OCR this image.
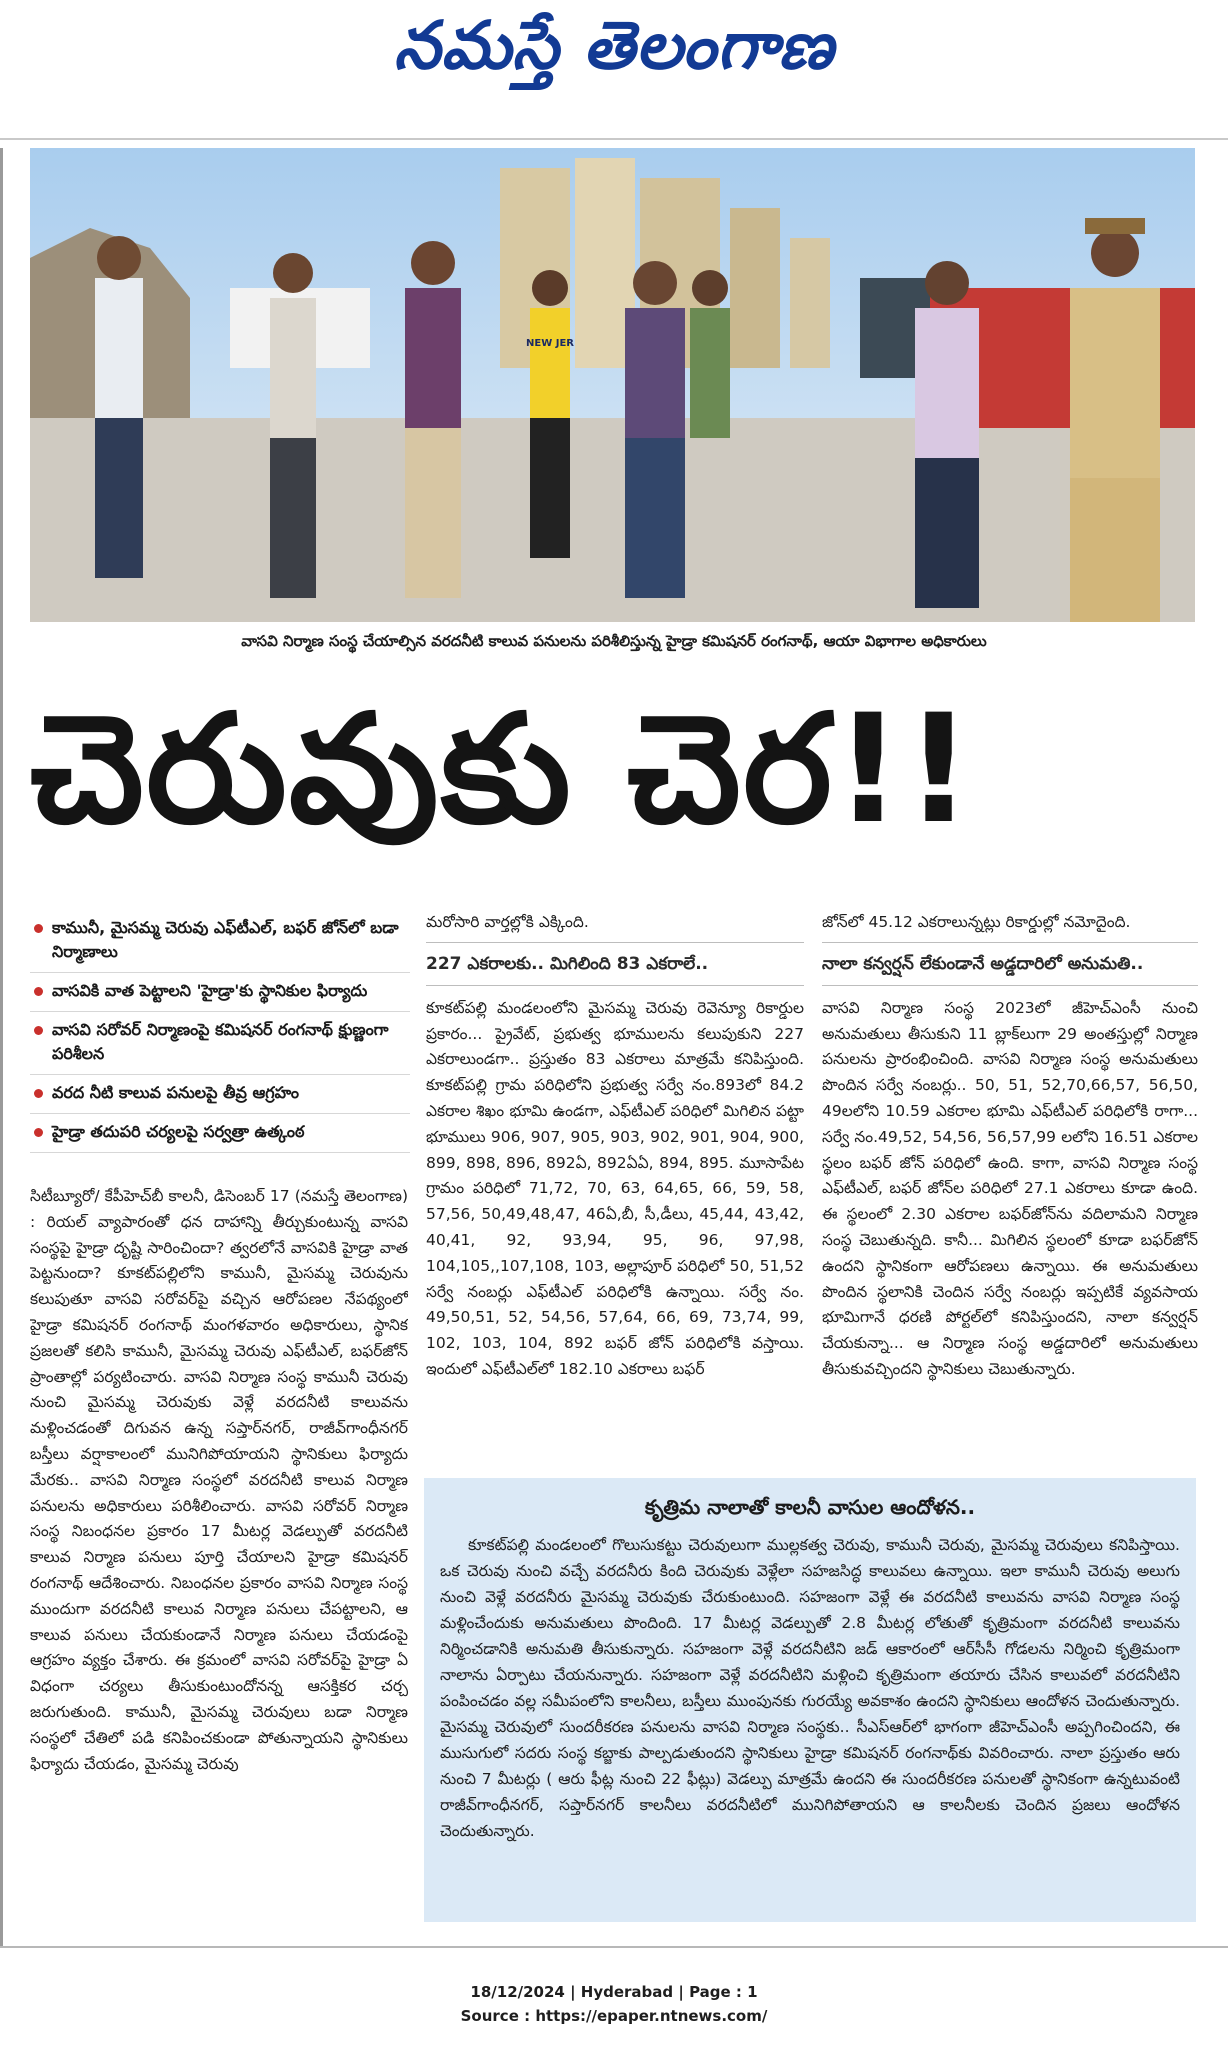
నమస్తే తెలంగాణ
NEW JER
వాసవి నిర్మాణ సంస్థ చేయాల్సిన వరదనీటి కాలువ పనులను పరిశీలిస్తున్న హైడ్రా కమిషనర్ రంగనాథ్, ఆయా విభాగాల అధికారులు
చెరువుకు చెర!!
కామునీ, మైసమ్మ చెరువు ఎఫ్‌టీఎల్, బఫర్ జోన్‌లో బడా నిర్మాణాలు
వాసవికి వాత పెట్టాలని 'హైడ్రా'కు స్థానికుల ఫిర్యాదు
వాసవి సరోవర్ నిర్మాణంపై కమిషనర్ రంగనాథ్ క్షుణ్ణంగా పరిశీలన
వరద నీటి కాలువ పనులపై తీవ్ర ఆగ్రహం
హైడ్రా తదుపరి చర్యలపై సర్వత్రా ఉత్కంఠ
సిటీబ్యూరో/ కేపీహెచ్‌బీ కాలనీ, డిసెంబర్ 17 (నమస్తే తెలంగాణ) : రియల్ వ్యాపారంతో ధన దాహాన్ని తీర్చుకుంటున్న వాసవి సంస్థపై హైడ్రా దృష్టి సారించిందా? త్వరలోనే వాసవికి హైడ్రా వాత పెట్టనుందా? కూకట్‌పల్లిలోని కామునీ, మైసమ్మ చెరువును కలుపుతూ వాసవి సరోవర్‌పై వచ్చిన ఆరోపణల నేపథ్యంలో హైడ్రా కమిషనర్ రంగనాథ్ మంగళవారం అధికారులు, స్థానిక ప్రజలతో కలిసి కామునీ, మైసమ్మ చెరువు ఎఫ్‌టీఎల్, బఫర్‌జోన్ ప్రాంతాల్లో పర్యటించారు. వాసవి నిర్మాణ సంస్థ కామునీ చెరువు నుంచి మైసమ్మ చెరువుకు వెళ్లే వరదనీటి కాలువను మళ్లించడంతో దిగువన ఉన్న సప్తార్‌నగర్, రాజీవ్‌గాంధీనగర్ బస్తీలు వర్షాకాలంలో మునిగిపోయాయని స్థానికులు ఫిర్యాదు మేరకు.. వాసవి నిర్మాణ సంస్థలో వరదనీటి కాలువ నిర్మాణ పనులను అధికారులు పరిశీలించారు. వాసవి సరోవర్ నిర్మాణ సంస్థ నిబంధనల ప్రకారం 17 మీటర్ల వెడల్పుతో వరదనీటి కాలువ నిర్మాణ పనులు పూర్తి చేయాలని హైడ్రా కమిషనర్ రంగనాథ్ ఆదేశించారు. నిబంధనల ప్రకారం వాసవి నిర్మాణ సంస్థ ముందుగా వరదనీటి కాలువ నిర్మాణ పనులు చేపట్టాలని, ఆ కాలువ పనులు చేయకుండానే నిర్మాణ పనులు చేయడంపై ఆగ్రహం వ్యక్తం చేశారు. ఈ క్రమంలో వాసవి సరోవర్‌పై హైడ్రా ఏ విధంగా చర్యలు తీసుకుంటుందోనన్న ఆసక్తికర చర్చ జరుగుతుంది. కామునీ, మైసమ్మ చెరువులు బడా నిర్మాణ సంస్థలో చేతిలో పడి కనిపించకుండా పోతున్నాయని స్థానికులు ఫిర్యాదు చేయడం, మైసమ్మ చెరువు

మరోసారి వార్తల్లోకి ఎక్కింది.

227 ఎకరాలకు.. మిగిలింది 83 ఎకరాలే..

కూకట్‌పల్లి మండలంలోని మైసమ్మ చెరువు రెవెన్యూ రికార్డుల ప్రకారం... ప్రైవేట్, ప్రభుత్వ భూములను కలుపుకుని 227 ఎకరాలుండగా.. ప్రస్తుతం 83 ఎకరాలు మాత్రమే కనిపిస్తుంది. కూకట్‌పల్లి గ్రామ పరిధిలోని ప్రభుత్వ సర్వే నం.893లో 84.2 ఎకరాల శిఖం భూమి ఉండగా, ఎఫ్‌టీఎల్ పరిధిలో మిగిలిన పట్టా భూములు 906, 907, 905, 903, 902, 901, 904, 900, 899, 898, 896, 892ఏ, 892ఏఏ, 894, 895. మూసాపేట గ్రామం పరిధిలో 71,72, 70, 63, 64,65, 66, 59, 58, 57,56, 50,49,48,47, 46ఏ,బీ, సీ,డీలు, 45,44, 43,42, 40,41, 92, 93,94, 95, 96, 97,98, 104,105,,107,108, 103, అల్లాపూర్ పరిధిలో 50, 51,52 సర్వే నంబర్లు ఎఫ్‌టీఎల్ పరిధిలోకి ఉన్నాయి. సర్వే నం. 49,50,51, 52, 54,56, 57,64, 66, 69, 73,74, 99, 102, 103, 104, 892 బఫర్ జోన్ పరిధిలోకి వస్తాయి. ఇందులో ఎఫ్‌టీఎల్‌లో 182.10 ఎకరాలు బఫర్

జోన్‌లో 45.12 ఎకరాలున్నట్లు రికార్డుల్లో నమోదైంది.

నాలా కన్వర్షన్ లేకుండానే అడ్డదారిలో అనుమతి..

వాసవి నిర్మాణ సంస్థ 2023లో జీహెచ్‌ఎంసీ నుంచి అనుమతులు తీసుకుని 11 బ్లాక్‌లుగా 29 అంతస్తుల్లో నిర్మాణ పనులను ప్రారంభించింది. వాసవి నిర్మాణ సంస్థ అనుమతులు పొందిన సర్వే నంబర్లు.. 50, 51, 52,70,66,57, 56,50, 49లలోని 10.59 ఎకరాల భూమి ఎఫ్‌టీఎల్ పరిధిలోకి రాగా... సర్వే నం.49,52, 54,56, 56,57,99 లలోని 16.51 ఎకరాల స్థలం బఫర్ జోన్ పరిధిలో ఉంది. కాగా, వాసవి నిర్మాణ సంస్థ ఎఫ్‌టీఎల్, బఫర్ జోన్‌ల పరిధిలో 27.1 ఎకరాలు కూడా ఉంది. ఈ స్థలంలో 2.30 ఎకరాల బఫర్‌జోన్‌ను వదిలామని నిర్మాణ సంస్థ చెబుతున్నది. కానీ... మిగిలిన స్థలంలో కూడా బఫర్‌జోన్ ఉందని స్థానికంగా ఆరోపణలు ఉన్నాయి. ఈ అనుమతులు పొందిన స్థలానికి చెందిన సర్వే నంబర్లు ఇప్పటికే వ్యవసాయ భూమిగానే ధరణి పోర్టల్‌లో కనిపిస్తుందని, నాలా కన్వర్షన్ చేయకున్నా... ఆ నిర్మాణ సంస్థ అడ్డదారిలో అనుమతులు తీసుకువచ్చిందని స్థానికులు చెబుతున్నారు.

కృత్రిమ నాలాతో కాలనీ వాసుల ఆందోళన..

కూకట్‌పల్లి మండలంలో గొలుసుకట్టు చెరువులుగా ముల్లకత్వ చెరువు, కామునీ చెరువు, మైసమ్మ చెరువులు కనిపిస్తాయి. ఒక చెరువు నుంచి వచ్చే వరదనీరు కింది చెరువుకు వెళ్లేలా సహజసిద్ధ కాలువలు ఉన్నాయి. ఇలా కామునీ చెరువు అలుగు నుంచి వెళ్లే వరదనీరు మైసమ్మ చెరువుకు చేరుకుంటుంది. సహజంగా వెళ్లే ఈ వరదనీటి కాలువను వాసవి నిర్మాణ సంస్థ మళ్లించేందుకు అనుమతులు పొందింది. 17 మీటర్ల వెడల్పుతో 2.8 మీటర్ల లోతుతో కృత్రిమంగా వరదనీటి కాలువను నిర్మించడానికి అనుమతి తీసుకున్నారు. సహజంగా వెళ్లే వరదనీటిని జడ్ ఆకారంలో ఆర్‌సీసీ గోడలను నిర్మించి కృత్రిమంగా నాలాను ఏర్పాటు చేయనున్నారు. సహజంగా వెళ్లే వరదనీటిని మళ్లించి కృత్రిమంగా తయారు చేసిన కాలువలో వరదనీటిని పంపించడం వల్ల సమీపంలోని కాలనీలు, బస్తీలు ముంపునకు గురయ్యే అవకాశం ఉందని స్థానికులు ఆందోళన చెందుతున్నారు. మైసమ్మ చెరువులో సుందరీకరణ పనులను వాసవి నిర్మాణ సంస్థకు.. సీఎస్ఆర్‌లో భాగంగా జీహెచ్‌ఎంసీ అప్పగించిందని, ఈ ముసుగులో సదరు సంస్థ కబ్జాకు పాల్పడుతుందని స్థానికులు హైడ్రా కమిషనర్ రంగనాథ్‌కు వివరించారు. నాలా ప్రస్తుతం ఆరు నుంచి 7 మీటర్లు ( ఆరు ఫీట్ల నుంచి 22 ఫీట్లు) వెడల్పు మాత్రమే ఉందని ఈ సుందరీకరణ పనులతో స్థానికంగా ఉన్నటువంటి రాజీవ్‌గాంధీనగర్, సప్తార్‌నగర్ కాలనీలు వరదనీటిలో మునిగిపోతాయని ఆ కాలనీలకు చెందిన ప్రజలు ఆందోళన చెందుతున్నారు.

18/12/2024 | Hyderabad | Page : 1
Source : https://epaper.ntnews.com/
